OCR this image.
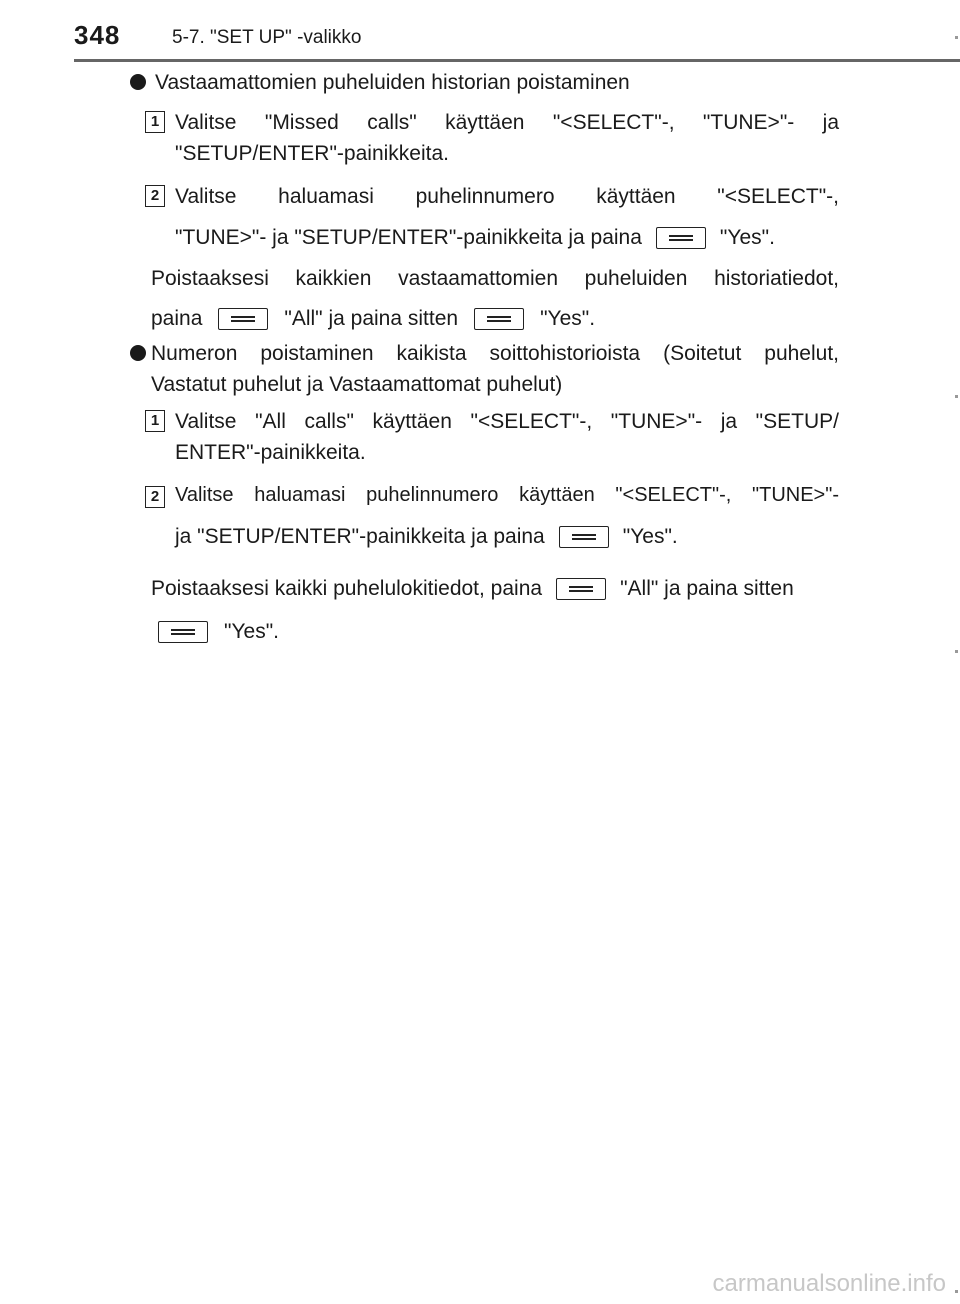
348	5-7. "SET UP" -valikko
Vastaamattomien puheluiden historian poistaminen
1 Valitse "Missed calls" käyttäen "<SELECT"-, "TUNE>"- ja
"SETUP/ENTER"-painikkeita.
2 Valitse haluamasi puhelinnumero käyttäen "<SELECT"-,
"TUNE>"- ja "SETUP/ENTER"-painikkeita ja paina	"Yes".
Poistaaksesi kaikkien vastaamattomien puheluiden historiatiedot,
paina	"All" ja paina sitten	"Yes".
Numeron poistaminen kaikista soittohistorioista (Soitetut puhelut,
Vastatut puhelut ja Vastaamattomat puhelut)
1 Valitse "All calls" käyttäen "<SELECT"-, "TUNE>"- ja "SETUP/
ENTER"-painikkeita.
2 Valitse haluamasi puhelinnumero käyttäen "<SELECT"-, "TUNE>"-
ja "SETUP/ENTER"-painikkeita ja paina	"Yes".
Poistaaksesi kaikki puhelulokitiedot, paina	"All" ja paina sitten
"Yes".
carmanualsonline.info
